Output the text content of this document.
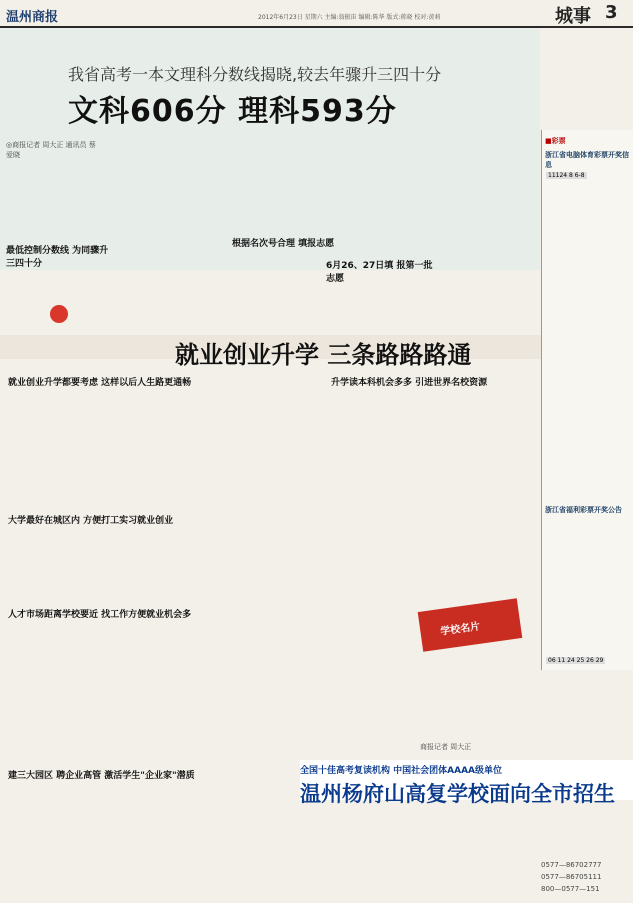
温州商报	2012年6月23日 星期六 主编:翁振宙 编辑:陈华 版式:蒋晓 校对:黄莉	城事 3
我省高考一本文理科分数线揭晓,较去年骤升三四十分
文科606分 理科593分
◎商报记者 周大正 通讯员 蔡爱晓
最低控制分数线 为同骤升三四十分
根据名次号合理 填报志愿
6月26、27日填 报第一批志愿
就业创业升学 三条路路路通
就业创业升学都要考虑 这样以后人生路更通畅
大学最好在城区内 方便打工实习就业创业
人才市场距离学校要近 找工作方便就业机会多
建三大园区 聘企业高管 激活学生"企业家"潜质
升学读本科机会多多 引进世界名校资源
学校名片
商报记者 周大正
全国十佳高考复读机构 中国社会团体AAAA级单位
温州杨府山高复学校面向全市招生
■彩票
浙江省电脑体育彩票开奖信息
11124 8 6-8
浙江省福利彩票开奖公告
06 11 24 25 26 29
0577—86702777
0577—86705111
800—0577—151
